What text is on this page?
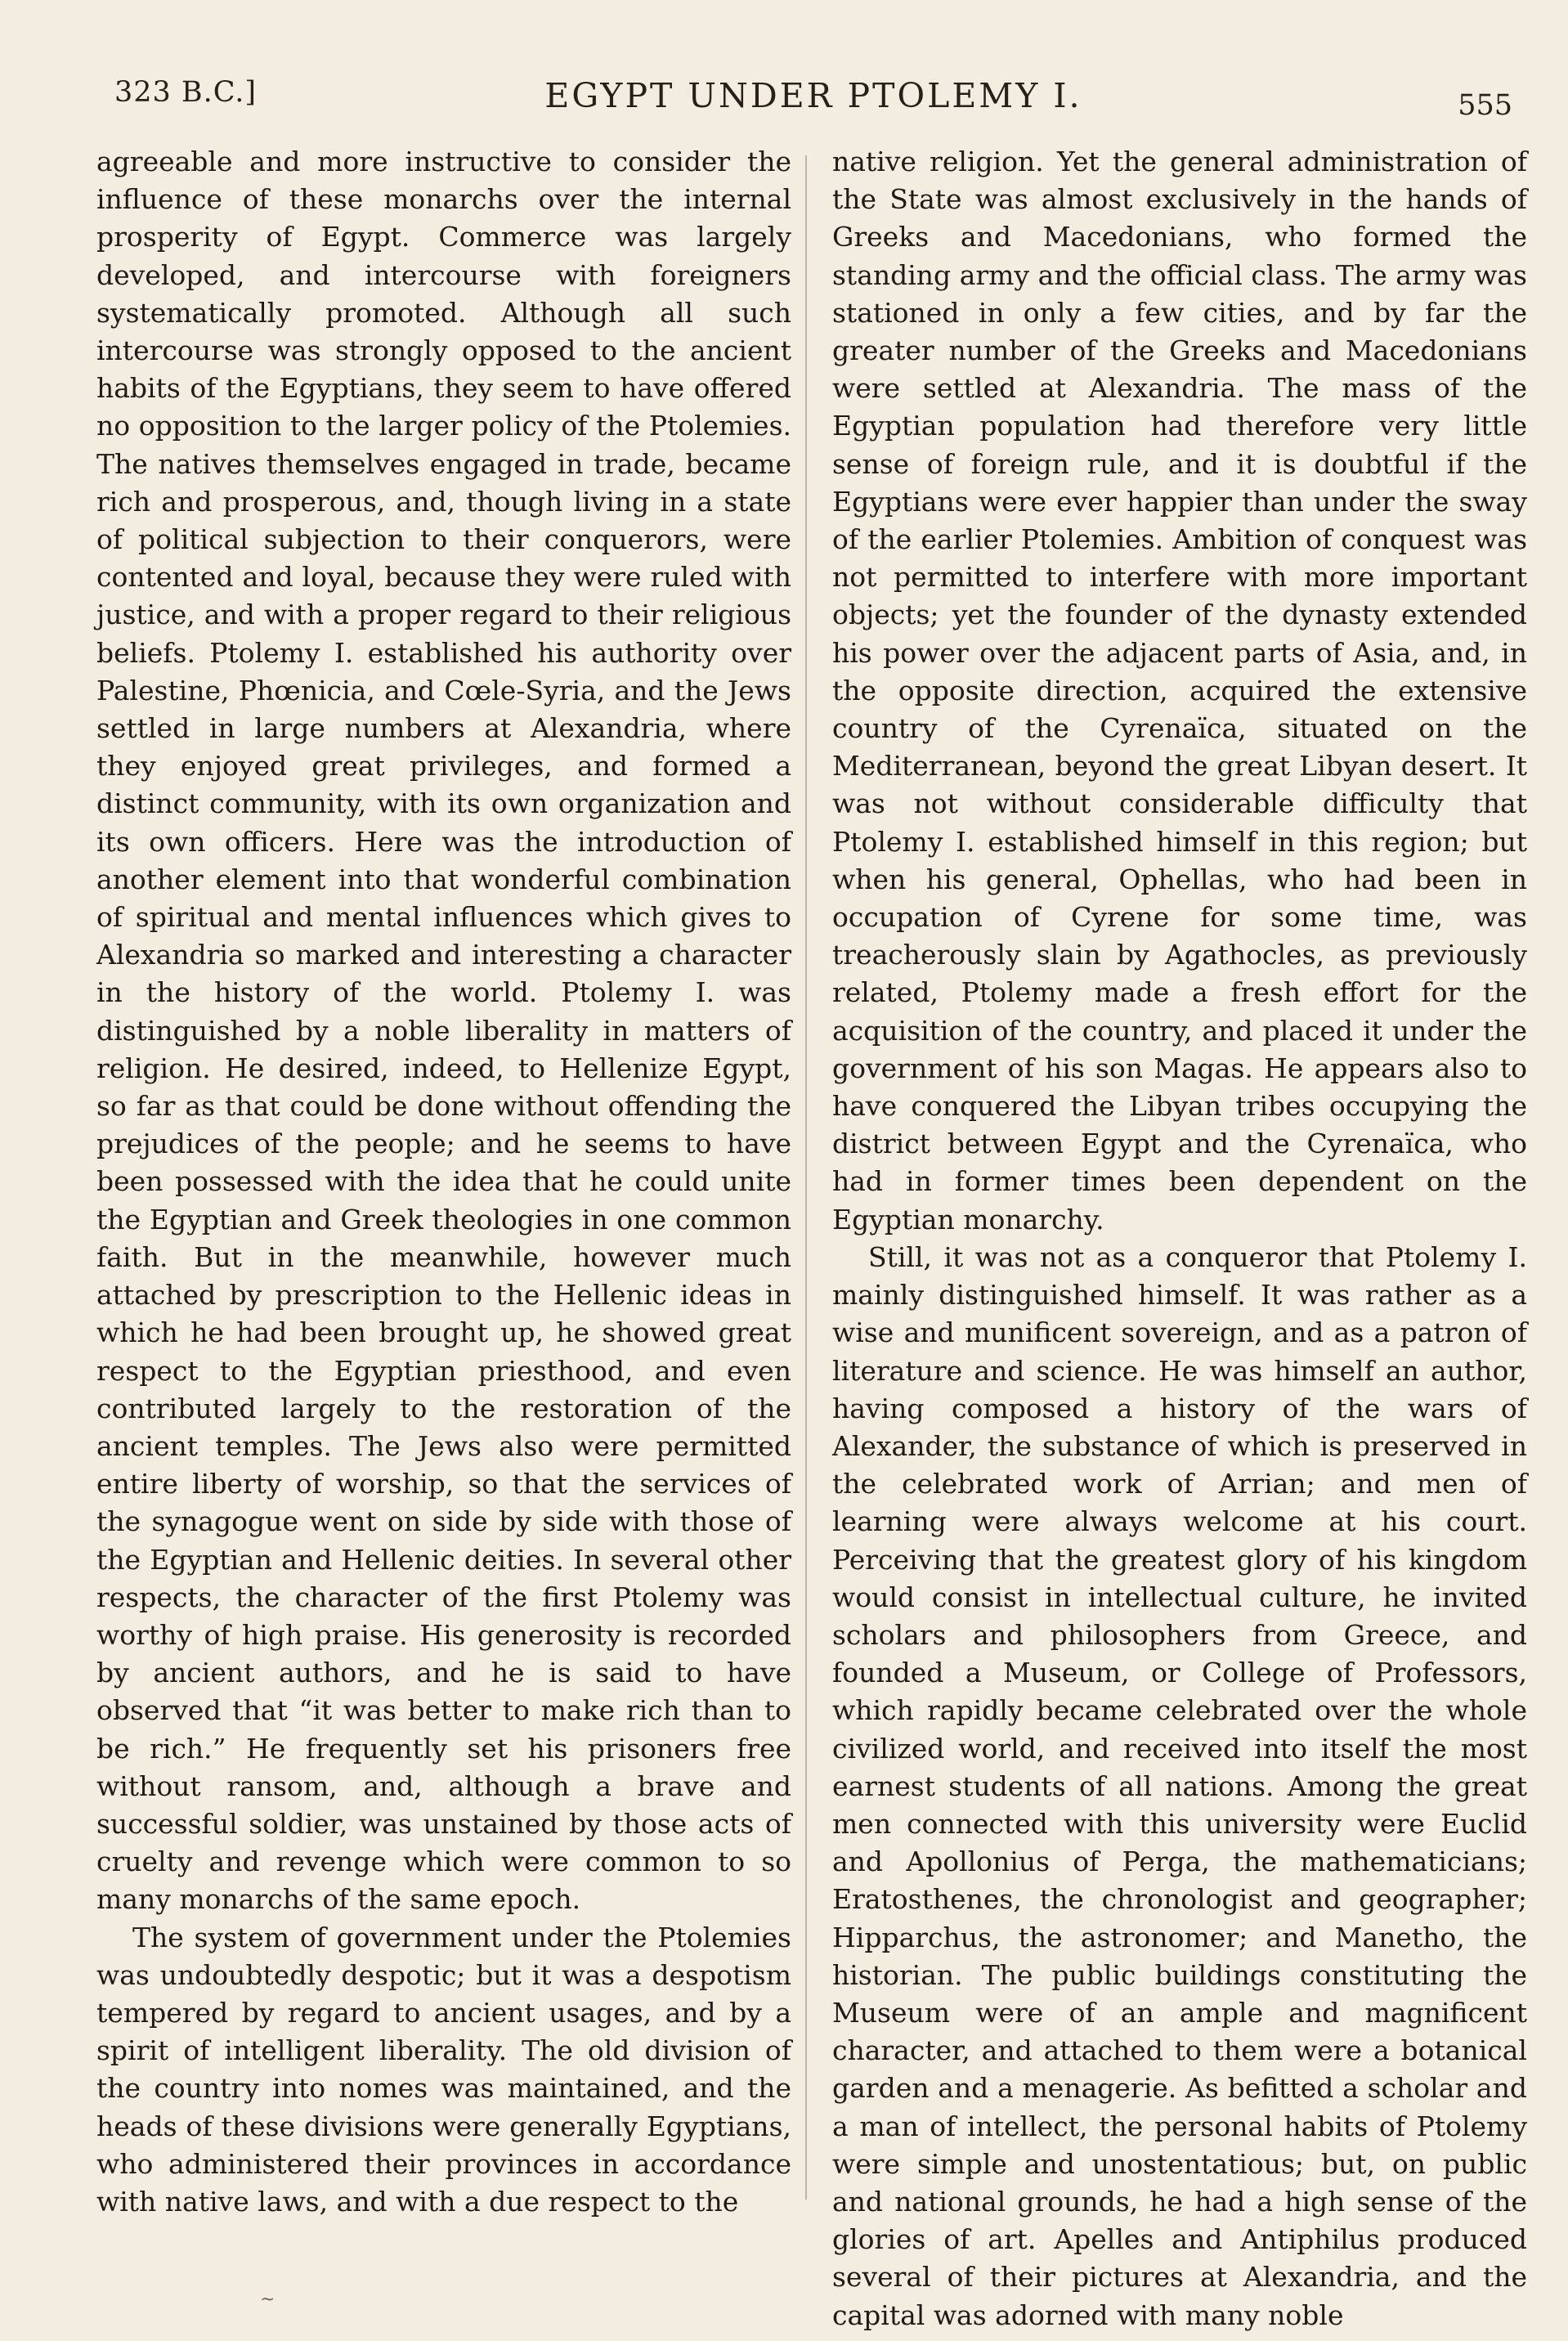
323 B.C.]	EGYPT UNDER PTOLEMY I.	555

agreeable and more instructive to consider the influence of these monarchs over the internal prosperity of Egypt. Commerce was largely developed, and intercourse with foreigners systematically promoted. Although all such intercourse was strongly opposed to the ancient habits of the Egyptians, they seem to have offered no opposition to the larger policy of the Ptolemies. The natives themselves engaged in trade, became rich and prosperous, and, though living in a state of political subjection to their conquerors, were contented and loyal, because they were ruled with justice, and with a proper regard to their religious beliefs. Ptolemy I. established his authority over Palestine, Phœnicia, and Cœle-Syria, and the Jews settled in large numbers at Alexandria, where they enjoyed great privileges, and formed a distinct community, with its own organization and its own officers. Here was the introduction of another element into that wonderful combination of spiritual and mental influences which gives to Alexandria so marked and interesting a character in the history of the world. Ptolemy I. was distinguished by a noble liberality in matters of religion. He desired, indeed, to Hellenize Egypt, so far as that could be done without offending the prejudices of the people; and he seems to have been possessed with the idea that he could unite the Egyptian and Greek theologies in one common faith. But in the meanwhile, however much attached by prescription to the Hellenic ideas in which he had been brought up, he showed great respect to the Egyptian priesthood, and even contributed largely to the restoration of the ancient temples. The Jews also were permitted entire liberty of worship, so that the services of the synagogue went on side by side with those of the Egyptian and Hellenic deities. In several other respects, the character of the first Ptolemy was worthy of high praise. His generosity is recorded by ancient authors, and he is said to have observed that “it was better to make rich than to be rich.” He frequently set his prisoners free without ransom, and, although a brave and successful soldier, was unstained by those acts of cruelty and revenge which were common to so many monarchs of the same epoch.

The system of government under the Ptolemies was undoubtedly despotic; but it was a despotism tempered by regard to ancient usages, and by a spirit of intelligent liberality. The old division of the country into nomes was maintained, and the heads of these divisions were generally Egyptians, who administered their provinces in accordance with native laws, and with a due respect to the

native religion. Yet the general administration of the State was almost exclusively in the hands of Greeks and Macedonians, who formed the standing army and the official class. The army was stationed in only a few cities, and by far the greater number of the Greeks and Macedonians were settled at Alexandria. The mass of the Egyptian population had therefore very little sense of foreign rule, and it is doubtful if the Egyptians were ever happier than under the sway of the earlier Ptolemies. Ambition of conquest was not permitted to interfere with more important objects; yet the founder of the dynasty extended his power over the adjacent parts of Asia, and, in the opposite direction, acquired the extensive country of the Cyrenaïca, situated on the Mediterranean, beyond the great Libyan desert. It was not without considerable difficulty that Ptolemy I. established himself in this region; but when his general, Ophellas, who had been in occupation of Cyrene for some time, was treacherously slain by Agathocles, as previously related, Ptolemy made a fresh effort for the acquisition of the country, and placed it under the government of his son Magas. He appears also to have conquered the Libyan tribes occupying the district between Egypt and the Cyrenaïca, who had in former times been dependent on the Egyptian monarchy.

Still, it was not as a conqueror that Ptolemy I. mainly distinguished himself. It was rather as a wise and munificent sovereign, and as a patron of literature and science. He was himself an author, having composed a history of the wars of Alexander, the substance of which is preserved in the celebrated work of Arrian; and men of learning were always welcome at his court. Perceiving that the greatest glory of his kingdom would consist in intellectual culture, he invited scholars and philosophers from Greece, and founded a Museum, or College of Professors, which rapidly became celebrated over the whole civilized world, and received into itself the most earnest students of all nations. Among the great men connected with this university were Euclid and Apollonius of Perga, the mathematicians; Eratosthenes, the chronologist and geographer; Hipparchus, the astronomer; and Manetho, the historian. The public buildings constituting the Museum were of an ample and magnificent character, and attached to them were a botanical garden and a menagerie. As befitted a scholar and a man of intellect, the personal habits of Ptolemy were simple and unostentatious; but, on public and national grounds, he had a high sense of the glories of art. Apelles and Antiphilus produced several of their pictures at Alexandria, and the capital was adorned with many noble

~
